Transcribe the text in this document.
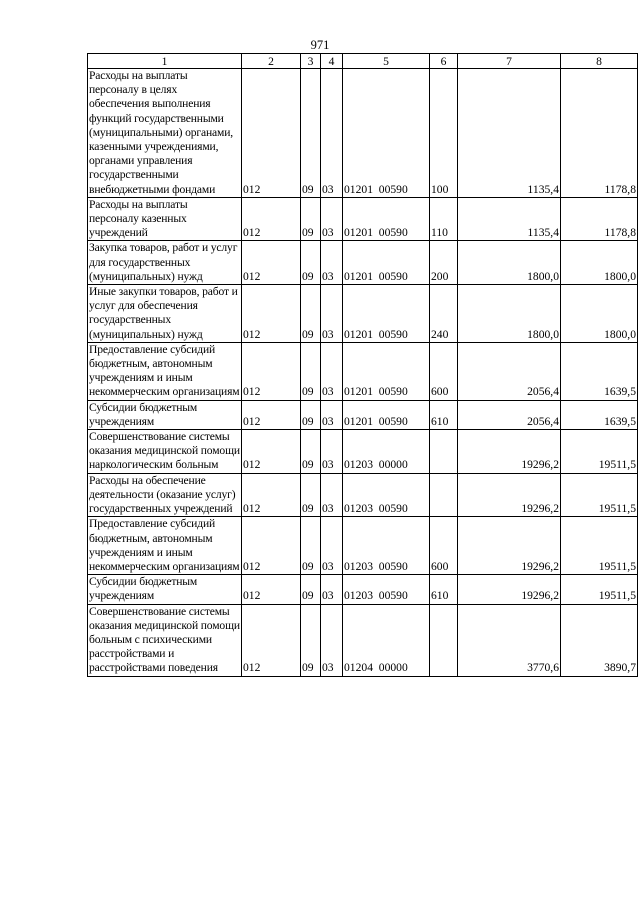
971
1	2	3	4	5	6	7	8
Расходы на выплаты персоналу в целях обеспечения выполнения функций государственными (муниципальными) органами, казенными учреждениями, органами управления государственными внебюджетными фондами	012	09	03	01201  00590	100	1135,4	1178,8
Расходы на выплаты персоналу казенных учреждений	012	09	03	01201  00590	110	1135,4	1178,8
Закупка товаров, работ и услуг для государственных (муниципальных) нужд	012	09	03	01201  00590	200	1800,0	1800,0
Иные закупки товаров, работ и услуг для обеспечения государственных (муниципальных) нужд	012	09	03	01201  00590	240	1800,0	1800,0
Предоставление субсидий бюджетным, автономным учреждениям и иным некоммерческим организациям	012	09	03	01201  00590	600	2056,4	1639,5
Субсидии бюджетным учреждениям	012	09	03	01201  00590	610	2056,4	1639,5
Совершенствование системы оказания медицинской помощи наркологическим больным	012	09	03	01203  00000		19296,2	19511,5
Расходы на обеспечение деятельности (оказание услуг) государственных учреждений	012	09	03	01203  00590		19296,2	19511,5
Предоставление субсидий бюджетным, автономным учреждениям и иным некоммерческим организациям	012	09	03	01203  00590	600	19296,2	19511,5
Субсидии бюджетным учреждениям	012	09	03	01203  00590	610	19296,2	19511,5
Совершенствование системы оказания медицинской помощи больным с психическими расстройствами и расстройствами поведения	012	09	03	01204  00000		3770,6	3890,7
